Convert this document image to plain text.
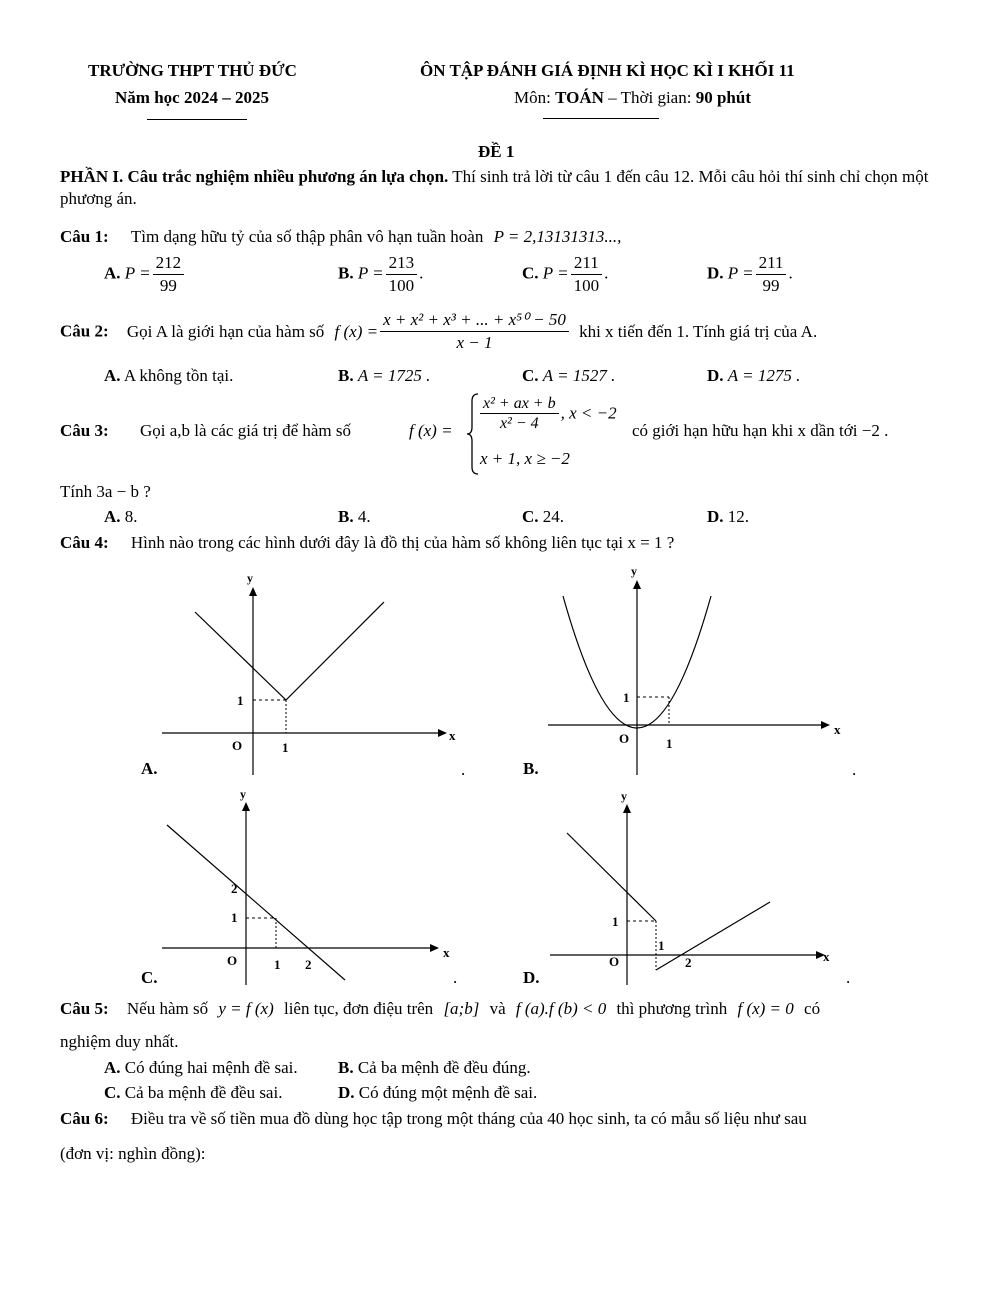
TRƯỜNG THPT THỦ ĐỨC
Năm học 2024 – 2025
ÔN TẬP ĐÁNH GIÁ ĐỊNH KÌ HỌC KÌ I KHỐI 11
Môn: TOÁN – Thời gian: 90 phút
ĐỀ 1
PHẦN I. Câu trắc nghiệm nhiều phương án lựa chọn. Thí sinh trả lời từ câu 1 đến câu 12. Mỗi câu hỏi thí sinh chỉ chọn một phương án.
Câu 1: Tìm dạng hữu tỷ của số thập phân vô hạn tuần hoàn P = 2,13131313...,
A. $P = \frac{212}{99}$	B. $P = \frac{213}{100}$ .	C. $P = \frac{211}{100}$ .	D. $P = \frac{211}{99}$ .
Câu 2: Gọi A là giới hạn của hàm số f $(x) = \frac{\text{x + x² + x³ + ... + x⁵⁰ − 50}}{x - 1}$ khi x tiến đến 1. Tính giá trị của A.
A. A không tồn tại.	B. A = 1725 .	C. A = 1527 .	D. A = 1275 .
Câu 3: Gọi a,b là các giá trị để hàm số	f $(x) = \frac{\text{x² + ax + b}}{\text{x² − 4}}$ , x < −2
x + 1, x ≥ −2
có giới hạn hữu hạn khi x dần tới −2 .
Tính 3a − b ?
A. 8.	B. 4.	C. 24.	D. 12.
Câu 4: Hình nào trong các hình dưới đây là đồ thị của hàm số không liên tục tại x = 1 ?
y
x
1
O	1
A.	.
y
x
1
O	1
B.	.
y
x
2
1
O	1 2
C.	.
y
x
1
1
O	2
D.	.
Câu 5: Nếu hàm số y = f (x) liên tục, đơn điệu trên [a;b] và f (a).f (b) < 0 thì phương trình f (x) = 0 có
nghiệm duy nhất.
A. Có đúng hai mệnh đề sai. B. Cả ba mệnh đề đều đúng.
C. Cả ba mệnh đề đều sai.	D. Có đúng một mệnh đề sai.
Câu 6: Điều tra về số tiền mua đồ dùng học tập trong một tháng của 40 học sinh, ta có mẫu số liệu như sau
(đơn vị: nghìn đồng):
